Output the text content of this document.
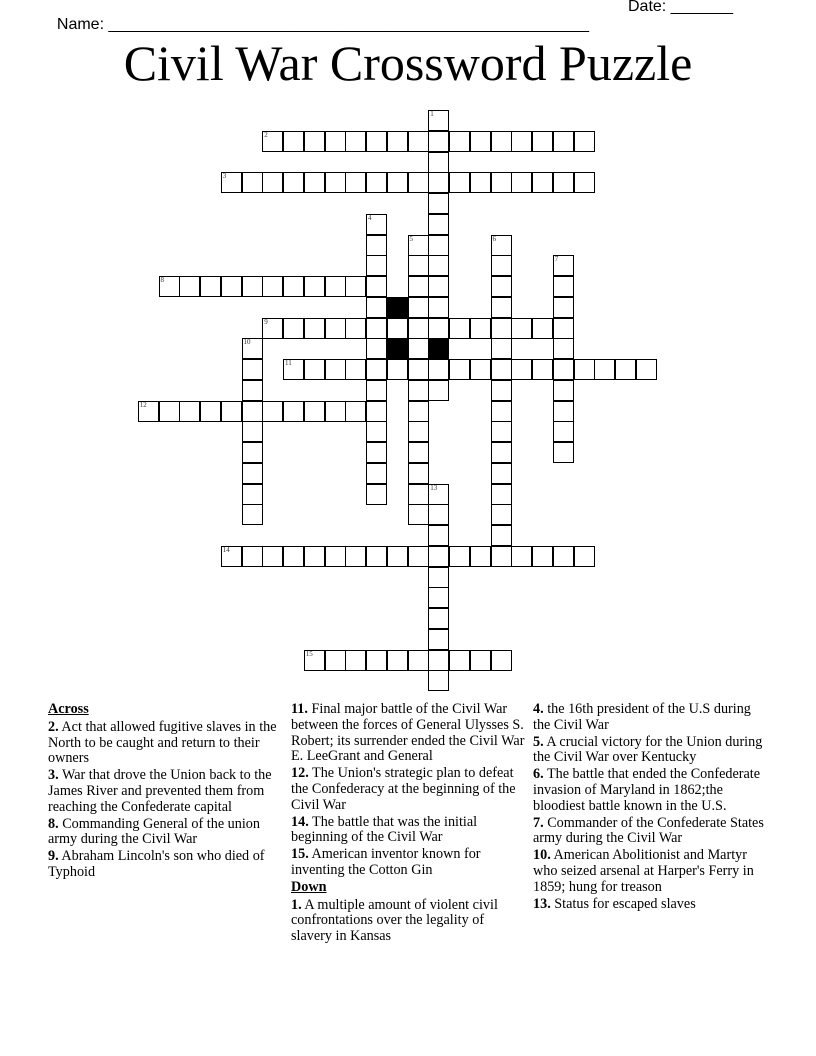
Name: ______________________________________________________

Date: _______

Civil War Crossword Puzzle
1
2
3
4
5	6
7
8
9
10
11
12
13
14
15
Across
2. Act that allowed fugitive slaves in the North to be caught and return to their owners
3. War that drove the Union back to the James River and prevented them from reaching the Confederate capital
8. Commanding General of the union army during the Civil War
9. Abraham Lincoln's son who died of Typhoid
11. Final major battle of the Civil War between the forces of General Ulysses S. Robert; its surrender ended the Civil War E. LeeGrant and General
12. The Union's strategic plan to defeat the Confederacy at the beginning of the Civil War
14. The battle that was the initial beginning of the Civil War
15. American inventor known for inventing the Cotton Gin
Down
1. A multiple amount of violent civil confrontations over the legality of slavery in Kansas
4. the 16th president of the U.S during the Civil War
5. A crucial victory for the Union during the Civil War over Kentucky
6. The battle that ended the Confederate invasion of Maryland in 1862;the bloodiest battle known in the U.S.
7. Commander of the Confederate States army during the Civil War
10. American Abolitionist and Martyr who seized arsenal at Harper's Ferry in 1859; hung for treason
13. Status for escaped slaves
